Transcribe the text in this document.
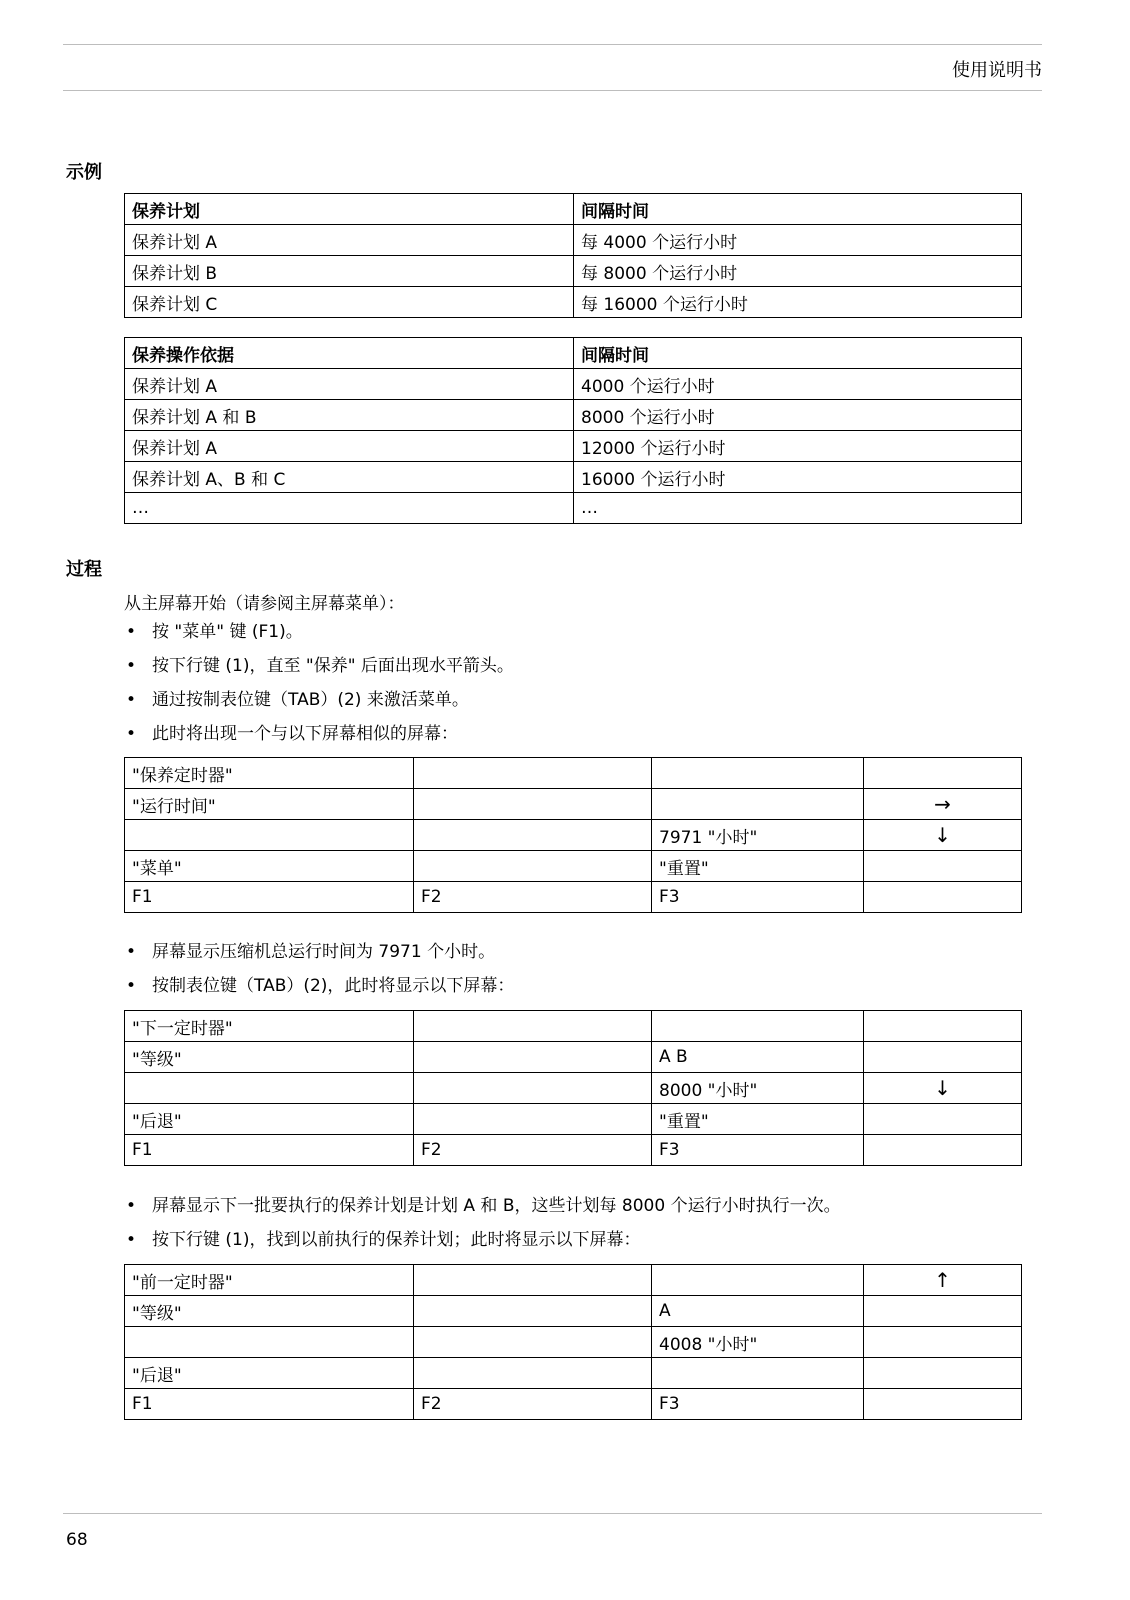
使用说明书
示例
保养计划	间隔时间
保养计划 A	每 4000 个运行小时
保养计划 B	每 8000 个运行小时
保养计划 C	每 16000 个运行小时
保养操作依据	间隔时间
保养计划 A	4000 个运行小时
保养计划 A 和 B	8000 个运行小时
保养计划 A	12000 个运行小时
保养计划 A、B 和 C	16000 个运行小时
…	…
过程
从主屏幕开始（请参阅主屏幕菜单）：
• 按 "菜单" 键 (F1)。
• 按下行键 (1)，直至 "保养" 后面出现水平箭头。
• 通过按制表位键（TAB）(2) 来激活菜单。
• 此时将出现一个与以下屏幕相似的屏幕：
"保养定时器"			
"运行时间"			→
		7971 "小时"	↓
"菜单"		"重置"	
F1	F2	F3	
• 屏幕显示压缩机总运行时间为 7971 个小时。
• 按制表位键（TAB）(2)，此时将显示以下屏幕：
"下一定时器"			
"等级"		A B	
		8000 "小时"	↓
"后退"		"重置"	
F1	F2	F3	
• 屏幕显示下一批要执行的保养计划是计划 A 和 B，这些计划每 8000 个运行小时执行一次。
• 按下行键 (1)，找到以前执行的保养计划；此时将显示以下屏幕：
"前一定时器"			↑
"等级"		A	
		4008 "小时"	
"后退"			
F1	F2	F3	
68
